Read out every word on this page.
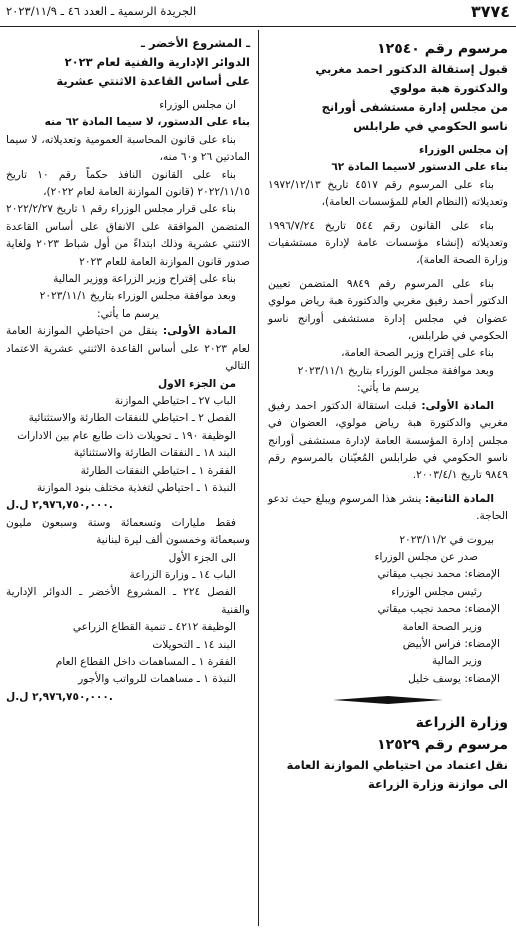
٣٧٧٤
الجريدة الرسمية ـ العدد ٤٦ ـ ٢٠٢٣/١١/٩

مرسوم رقم ١٢٥٤٠

قبول إستقالة الدكتور احمد مغربي

والدكتورة هبة مولوي

من مجلس إدارة مستشفى أورانج

ناسو الحكومي في طرابلس

إن مجلس الوزراء

بناء على الدستور لاسيما المادة ٦٢

بناء على المرسوم رقم ٤٥١٧ تاريخ ١٩٧٢/١٢/١٣ وتعديلاته (النظام العام للمؤسسات العامة)،

بناء على القانون رقم ٥٤٤ تاريخ ١٩٩٦/٧/٢٤ وتعديلاته (إنشاء مؤسسات عامة لإدارة مستشفيات وزارة الصحة العامة)،

بناء على المرسوم رقم ٩٨٤٩ المتضمن تعيين الدكتور أحمد رفيق مغربي والدكتورة هبة رياض مولوي عضوان في مجلس إدارة مستشفى أورانج ناسو الحكومي في طرابلس،

بناء على إقتراح وزير الصحة العامة،

وبعد موافقة مجلس الوزراء بتاريخ ٢٠٢٣/١١/١

يرسم ما يأتي:

المادة الأولى: قبلت استقالة الدكتور احمد رفيق مغربي والدكتورة هبة رياض مولوي، العضوان في مجلس إدارة المؤسسة العامة لإدارة مستشفى أورانج ناسو الحكومي في طرابلس المُعيّنان بالمرسوم رقم ٩٨٤٩ تاريخ ٢٠٠٣/٤/١.

المادة الثانية: ينشر هذا المرسوم ويبلغ حيث تدعو الحاجة.

بيروت في ٢٠٢٣/١١/٢

صدر عن مجلس الوزراء

الإمضاء: محمد نجيب ميقاتي

رئيس مجلس الوزراء

الإمضاء: محمد نجيب ميقاتي

وزير الصحة العامة

الإمضاء: فراس الأبيض

وزير المالية

الإمضاء: يوسف خليل

وزارة الزراعة

مرسوم رقم ١٢٥٢٩

نقل اعتماد من احتياطي الموازنة العامة

الى موازنة وزارة الزراعة

ـ المشروع الأخضر ـ

الدوائر الإدارية والفنية لعام ٢٠٢٣

على أساس القاعدة الاثنتي عشرية

ان مجلس الوزراء

بناء على الدستور، لا سيما المادة ٦٢ منه

بناء على قانون المحاسبة العمومية وتعديلاته، لا سيما المادتين ٢٦ و٦٠ منه،

بناء على القانون النافذ حكماً رقم ١٠ تاريخ ٢٠٢٢/١١/١٥ (قانون الموازنة العامة لعام ٢٠٢٢)،

بناء على قرار مجلس الوزراء رقم ١ تاريخ ٢٠٢٢/٢/٢٧ المتضمن الموافقة على الانفاق على أساس القاعدة الاثنتي عشرية وذلك ابتداءً من أول شباط ٢٠٢٣ ولغاية صدور قانون الموازنة العامة للعام ٢٠٢٣

بناء على إقتراح وزير الزراعة ووزير المالية

وبعد موافقة مجلس الوزراء بتاريخ ٢٠٢٣/١١/١

يرسم ما يأتي:

المادة الأولى: ينقل من احتياطي الموازنة العامة لعام ٢٠٢٣ على أساس القاعدة الاثنتي عشرية الاعتماد التالي

من الجزء الاول

الباب ٢٧ ـ احتياطي الموازنة

الفصل ٢ ـ احتياطي للنفقات الطارئة والاستثنائية

الوظيفة ١٩٠ ـ تحويلات ذات طابع عام بين الادارات

البند ١٨ ـ النفقات الطارئة والاستثنائية

الفقرة ١ ـ احتياطي النفقات الطارئة

النبذة ١ ـ احتياطي لتغذية مختلف بنود الموازنة

٢,٩٧٦,٧٥٠,٠٠٠ ل.ل.

فقط مليارات وتسعمائة وستة وسبعون مليون وسبعمائة وخمسون ألف ليرة لبنانية

الى الجزء الأول

الباب ١٤ ـ وزارة الزراعة

الفصل ٢٢٤ ـ المشروع الأخضر ـ الدوائر الإدارية والفنية

الوظيفة ٤٢١٢ ـ تنمية القطاع الزراعي

البند ١٤ ـ التحويلات

الفقرة ١ ـ المساهمات داخل القطاع العام

النبذة ١ ـ مساهمات للرواتب والأجور

٢,٩٧٦,٧٥٠,٠٠٠ ل.ل.
